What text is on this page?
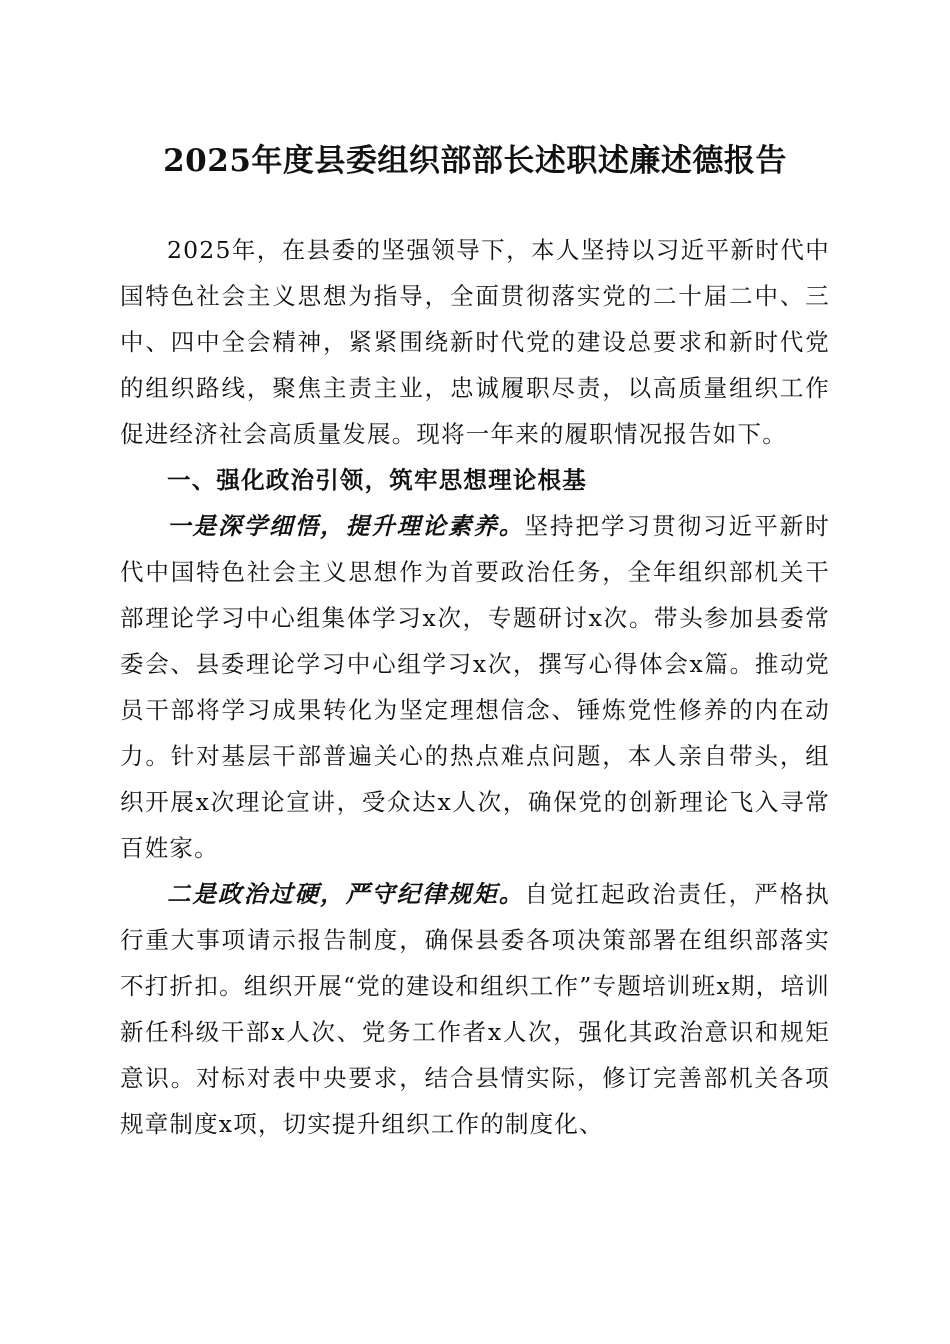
2025年度县委组织部部长述职述廉述德报告

2025年，在县委的坚强领导下，本人坚持以习近平新时代中国特色社会主义思想为指导，全面贯彻落实党的二十届二中、三中、四中全会精神，紧紧围绕新时代党的建设总要求和新时代党的组织路线，聚焦主责主业，忠诚履职尽责，以高质量组织工作促进经济社会高质量发展。现将一年来的履职情况报告如下。

一、强化政治引领，筑牢思想理论根基

一是深学细悟，提升理论素养。坚持把学习贯彻习近平新时代中国特色社会主义思想作为首要政治任务，全年组织部机关干部理论学习中心组集体学习x次，专题研讨x次。带头参加县委常委会、县委理论学习中心组学习x次，撰写心得体会x篇。推动党员干部将学习成果转化为坚定理想信念、锤炼党性修养的内在动力。针对基层干部普遍关心的热点难点问题，本人亲自带头，组织开展x次理论宣讲，受众达x人次，确保党的创新理论飞入寻常百姓家。

二是政治过硬，严守纪律规矩。自觉扛起政治责任，严格执行重大事项请示报告制度，确保县委各项决策部署在组织部落实不打折扣。组织开展“党的建设和组织工作”专题培训班x期，培训新任科级干部x人次、党务工作者x人次，强化其政治意识和规矩意识。对标对表中央要求，结合县情实际，修订完善部机关各项规章制度x项，切实提升组织工作的制度化、
